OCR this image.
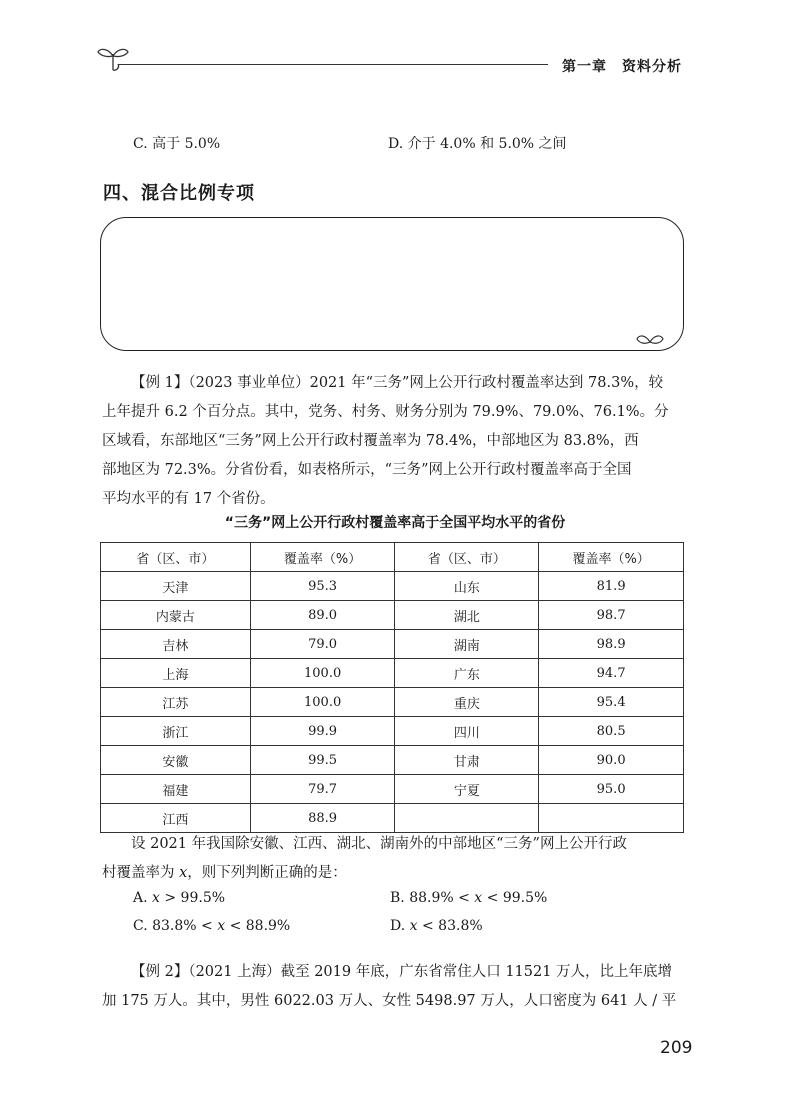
第一章　资料分析
C. 高于 5.0%	D. 介于 4.0% 和 5.0% 之间
四、混合比例专项

【例 1】（2023 事业单位）2021 年“三务”网上公开行政村覆盖率达到 78.3%，较

上年提升 6.2 个百分点。其中，党务、村务、财务分别为 79.9%、79.0%、76.1%。分

区域看，东部地区“三务”网上公开行政村覆盖率为 78.4%，中部地区为 83.8%，西

部地区为 72.3%。分省份看，如表格所示，“三务”网上公开行政村覆盖率高于全国

平均水平的有 17 个省份。

“三务”网上公开行政村覆盖率高于全国平均水平的省份
省（区、市）	覆盖率（%）	省（区、市）	覆盖率（%）
天津	95.3	山东	81.9
内蒙古	89.0	湖北	98.7
吉林	79.0	湖南	98.9
上海	100.0	广东	94.7
江苏	100.0	重庆	95.4
浙江	99.9	四川	80.5
安徽	99.5	甘肃	90.0
福建	79.7	宁夏	95.0
江西	88.9		

设 2021 年我国除安徽、江西、湖北、湖南外的中部地区“三务”网上公开行政

村覆盖率为 x，则下列判断正确的是：

A. x > 99.5%	B. 88.9% < x < 99.5%
C. 83.8% < x < 88.9%	D. x < 83.8%

【例 2】（2021 上海）截至 2019 年底，广东省常住人口 11521 万人，比上年底增

加 175 万人。其中，男性 6022.03 万人、女性 5498.97 万人，人口密度为 641 人 / 平

209
